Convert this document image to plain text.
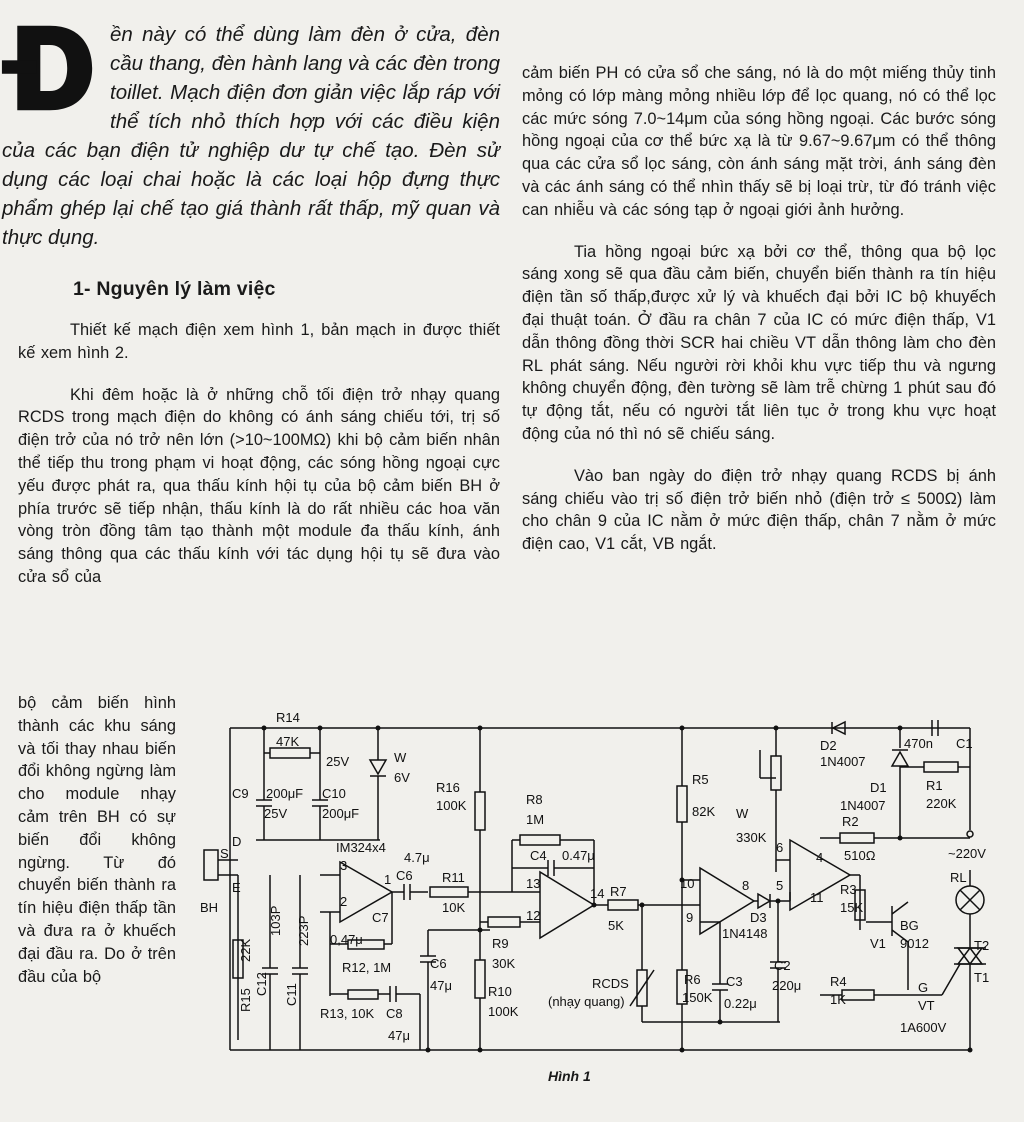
ền này có thể dùng làm đèn ở cửa, đèn cầu thang, đèn hành lang và các đèn trong toillet. Mạch điện đơn giản việc lắp ráp với thể tích nhỏ thích hợp với các điều kiện của các bạn điện tử nghiệp dư tự chế tạo. Đèn sử dụng các loại chai hoặc là các loại hộp đựng thực phẩm ghép lại chế tạo giá thành rất thấp, mỹ quan và thực dụng.

1- Nguyên lý làm việc

Thiết kế mạch điện xem hình 1, bản mạch in được thiết kế xem hình 2.

Khi đêm hoặc là ở những chỗ tối điện trở nhạy quang RCDS trong mạch điện do không có ánh sáng chiếu tới, trị số điện trở của nó trở nên lớn (>10~100MΩ) khi bộ cảm biến nhân thể tiếp thu trong phạm vi hoạt động, các sóng hồng ngoại cực yếu được phát ra, qua thấu kính hội tụ của bộ cảm biến BH ở phía trước sẽ tiếp nhận, thấu kính là do rất nhiều các hoa văn vòng tròn đồng tâm tạo thành một module đa thấu kính, ánh sáng thông qua các thấu kính với tác dụng hội tụ sẽ đưa vào cửa sổ của

bộ cảm biến hình thành các khu sáng và tối thay nhau biến đổi không ngừng làm cho module nhạy cảm trên BH có sự biến đổi không ngừng. Từ đó chuyển biến thành ra tín hiệu điện thấp tần và đưa ra ở khuếch đại đầu ra. Do ở trên đầu của bộ

cảm biến PH có cửa sổ che sáng, nó là do một miếng thủy tinh mỏng có lớp màng mỏng nhiều lớp để lọc quang, nó có thể lọc các mức sóng 7.0~14μm của sóng hồng ngoại. Các bước sóng hồng ngoại của cơ thể bức xạ là từ 9.67~9.67μm có thể thông qua các cửa sổ lọc sáng, còn ánh sáng mặt trời, ánh sáng đèn và các ánh sáng có thể nhìn thấy sẽ bị loại trừ, từ đó tránh việc can nhiễu và các sóng tạp ở ngoại giới ảnh hưởng.

Tia hồng ngoại bức xạ bởi cơ thể, thông qua bộ lọc sáng xong sẽ qua đầu cảm biến, chuyển biến thành ra tín hiệu điện tần số thấp,được xử lý và khuếch đại bởi IC bộ khuyếch đại thuật toán. Ở đầu ra chân 7 của IC có mức điện thấp, V1 dẫn thông đồng thời SCR hai chiều VT dẫn thông làm cho đèn RL phát sáng. Nếu người rời khỏi khu vực tiếp thu và ngưng không chuyển động, đèn tường sẽ làm trễ chừng 1 phút sau đó tự động tắt, nếu có người tắt liên tục ở trong khu vực hoạt động của nó thì nó sẽ chiếu sáng.

Vào ban ngày do điện trở nhạy quang RCDS bị ánh sáng chiếu vào trị số điện trở biến nhỏ (điện trở ≤ 500Ω) làm cho chân 9 của IC nằm ở mức điện thấp, chân 7 nằm ở mức điện cao, V1 cắt, VB ngắt.

R14
47K
C9 200μF
25V
C10
200μF
25V	W
6V
IM324x4
R16
100K	R8
1M
C4 0.47μ
R5
82K W
330K
D2
1N4007
D1
1N4007
470n C1
R1
220K
R2
510Ω	~220V
RL
BH
S
D
E
C6
4.7μ
R11
10K
C7
0,47μ
R12, 1M
R13, 10K C8
47μ
C6
47μ
R9
30K
R10
100K
R7
5K
RCDS
(nhạy quang)
R6
150K
C3
0.22μ
C2
220μ
D3
1N4148
R3
15K
BG
9012
V1
R4
1K
G
VT
1A600V
T1
T2
R15
22K
C12
103P
C11
223P
3
2
1	13
12
14
10
9
8
6
5
4
11
Hình 1
